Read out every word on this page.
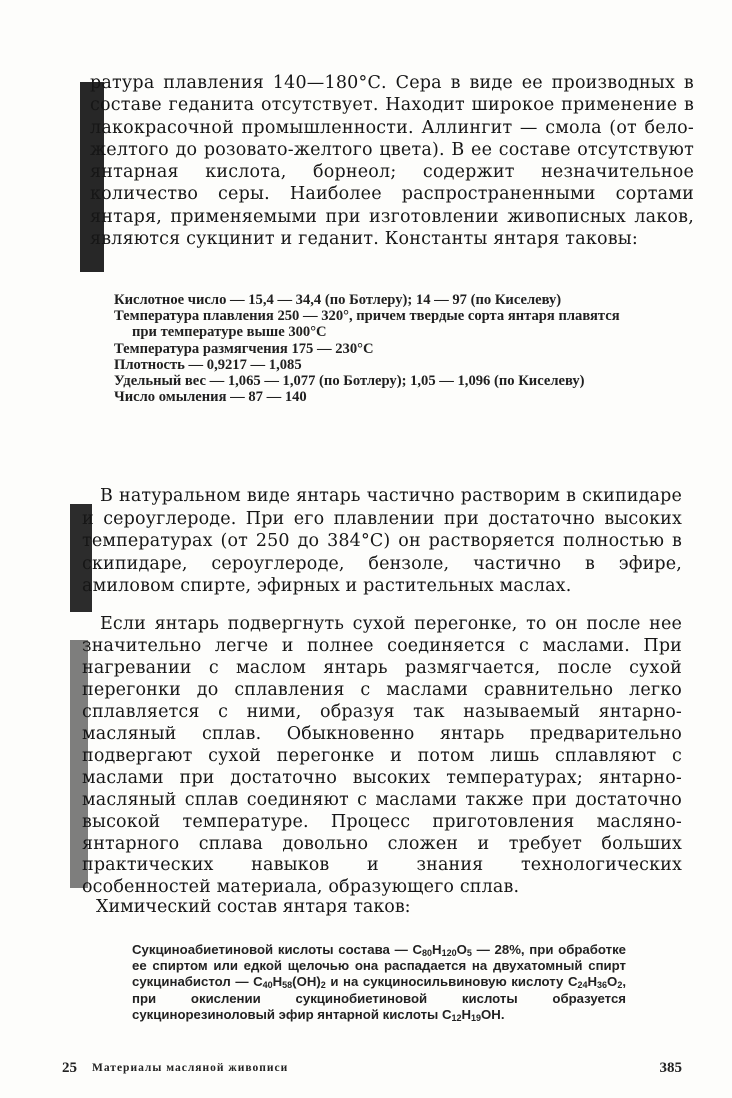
ратура плавления 140—180°С. Сера в виде ее производных в составе геданита отсутствует. Находит широкое применение в лакокрасочной промышленности. Аллингит — смола (от бело-желтого до розовато-желтого цвета). В ее составе отсутствуют янтарная кислота, борнеол; содержит незначительное количество серы. Наиболее распространенными сортами янтаря, применяемыми при изготовлении живописных лаков, являются сукцинит и геданит. Константы янтаря таковы:

Кислотное число — 15,4 — 34,4 (по Ботлеру); 14 — 97 (по Киселеву)
Температура плавления 250 — 320°, причем твердые сорта янтаря плавятся при температуре выше 300°С
Температура размягчения 175 — 230°С
Плотность — 0,9217 — 1,085
Удельный вес — 1,065 — 1,077 (по Ботлеру); 1,05 — 1,096 (по Киселеву)
Число омыления — 87 — 140

В натуральном виде янтарь частично растворим в скипидаре и сероуглероде. При его плавлении при достаточно высоких температурах (от 250 до 384°С) он растворяется полностью в скипидаре, сероуглероде, бензоле, частично в эфире, амиловом спирте, эфирных и растительных маслах.

Если янтарь подвергнуть сухой перегонке, то он после нее значительно легче и полнее соединяется с маслами. При нагревании с маслом янтарь размягчается, после сухой перегонки до сплавления с маслами сравнительно легко сплавляется с ними, образуя так называемый янтарно-масляный сплав. Обыкновенно янтарь предварительно подвергают сухой перегонке и потом лишь сплавляют с маслами при достаточно высоких температурах; янтарно-масляный сплав соединяют с маслами также при достаточно высокой температуре. Процесс приготовления масляно-янтарного сплава довольно сложен и требует больших практических навыков и знания технологических особенностей материала, образующего сплав.

Химический состав янтаря таков:

Сукциноабиетиновой кислоты состава — $C_{80}H_{120}O_5$ — 28%, при обработке ее спиртом или едкой щелочью она распадается на двухатомный спирт сукцинабистол — $C_{40}H_{58}(OH)_2$ и на сукциносильвиновую кислоту $C_{24}H_{36}O_2$, при окислении сукцинобиетиновой кислоты образуется сукцинорезиноловый эфир янтарной кислоты $C_{12}H_{19}OH$.

25 Материалы масляной живописи	385
